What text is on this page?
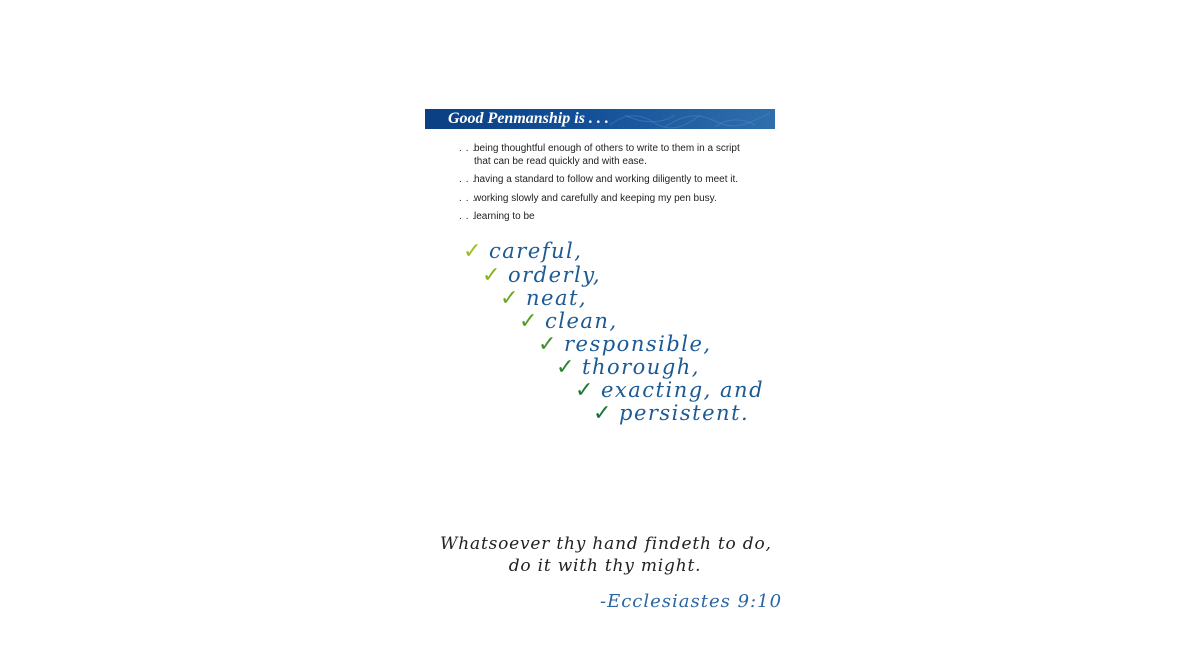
Good Penmanship is . . .
. . .
being thoughtful enough of others to write to them in a script
that can be read quickly and with ease.
. . .
having a standard to follow and working diligently to meet it.
. . .
working slowly and carefully and keeping my pen busy.
. . .
learning to be
✓ careful,
✓ orderly,
✓ neat,
✓ clean,
✓ responsible,
✓ thorough,
✓ exacting, and
✓ persistent.
Whatsoever thy hand findeth to do,
do it with thy might.
-Ecclesiastes 9:10
